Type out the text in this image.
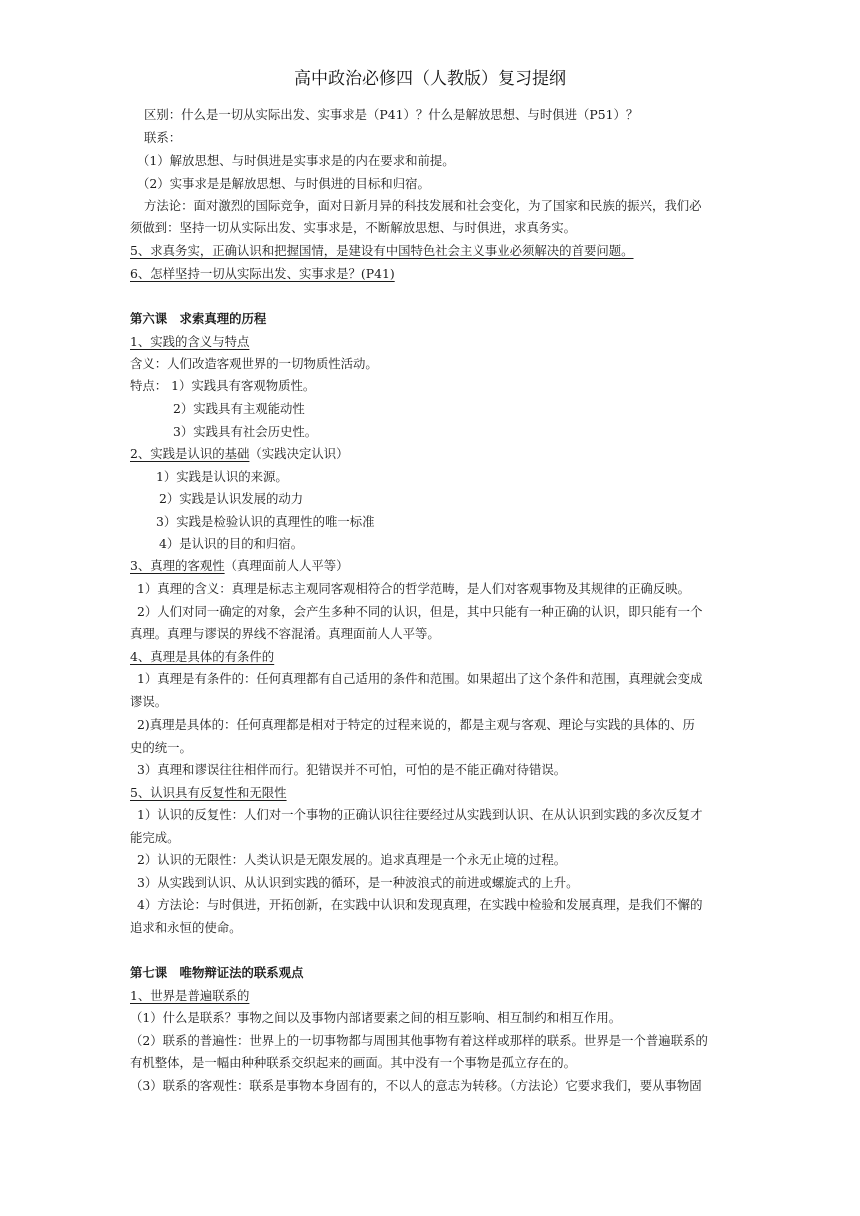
高中政治必修四（人教版）复习提纲
区别：什么是一切从实际出发、实事求是（P41）？什么是解放思想、与时俱进（P51）？
联系：
（1）解放思想、与时俱进是实事求是的内在要求和前提。
（2）实事求是是解放思想、与时俱进的目标和归宿。
方法论：面对激烈的国际竞争，面对日新月异的科技发展和社会变化，为了国家和民族的振兴，我们必
须做到：坚持一切从实际出发、实事求是，不断解放思想、与时俱进，求真务实。
5、求真务实，正确认识和把握国情，是建设有中国特色社会主义事业必须解决的首要问题。
6、怎样坚持一切从实际出发、实事求是？(P41)
第六课　求索真理的历程
1、实践的含义与特点
含义：人们改造客观世界的一切物质性活动。
特点： 1）实践具有客观物质性。
2）实践具有主观能动性
3）实践具有社会历史性。
2、实践是认识的基础（实践决定认识）
1）实践是认识的来源。
2）实践是认识发展的动力
3）实践是检验认识的真理性的唯一标准
4）是认识的目的和归宿。
3、真理的客观性（真理面前人人平等）
1）真理的含义：真理是标志主观同客观相符合的哲学范畴，是人们对客观事物及其规律的正确反映。
2）人们对同一确定的对象，会产生多种不同的认识，但是，其中只能有一种正确的认识，即只能有一个
真理。真理与谬误的界线不容混淆。真理面前人人平等。
4、真理是具体的有条件的
1）真理是有条件的：任何真理都有自己适用的条件和范围。如果超出了这个条件和范围，真理就会变成
谬误。
2)真理是具体的：任何真理都是相对于特定的过程来说的，都是主观与客观、理论与实践的具体的、历
史的统一。
3）真理和谬误往往相伴而行。犯错误并不可怕，可怕的是不能正确对待错误。
5、认识具有反复性和无限性
1）认识的反复性：人们对一个事物的正确认识往往要经过从实践到认识、在从认识到实践的多次反复才
能完成。
2）认识的无限性：人类认识是无限发展的。追求真理是一个永无止境的过程。
3）从实践到认识、从认识到实践的循环，是一种波浪式的前进或螺旋式的上升。
4）方法论：与时俱进，开拓创新，在实践中认识和发现真理，在实践中检验和发展真理，是我们不懈的
追求和永恒的使命。
第七课　唯物辩证法的联系观点
1、世界是普遍联系的
（1）什么是联系？事物之间以及事物内部诸要素之间的相互影响、相互制约和相互作用。
（2）联系的普遍性：世界上的一切事物都与周围其他事物有着这样或那样的联系。世界是一个普遍联系的
有机整体，是一幅由种种联系交织起来的画面。其中没有一个事物是孤立存在的。
（3）联系的客观性：联系是事物本身固有的，不以人的意志为转移。（方法论）它要求我们，要从事物固
